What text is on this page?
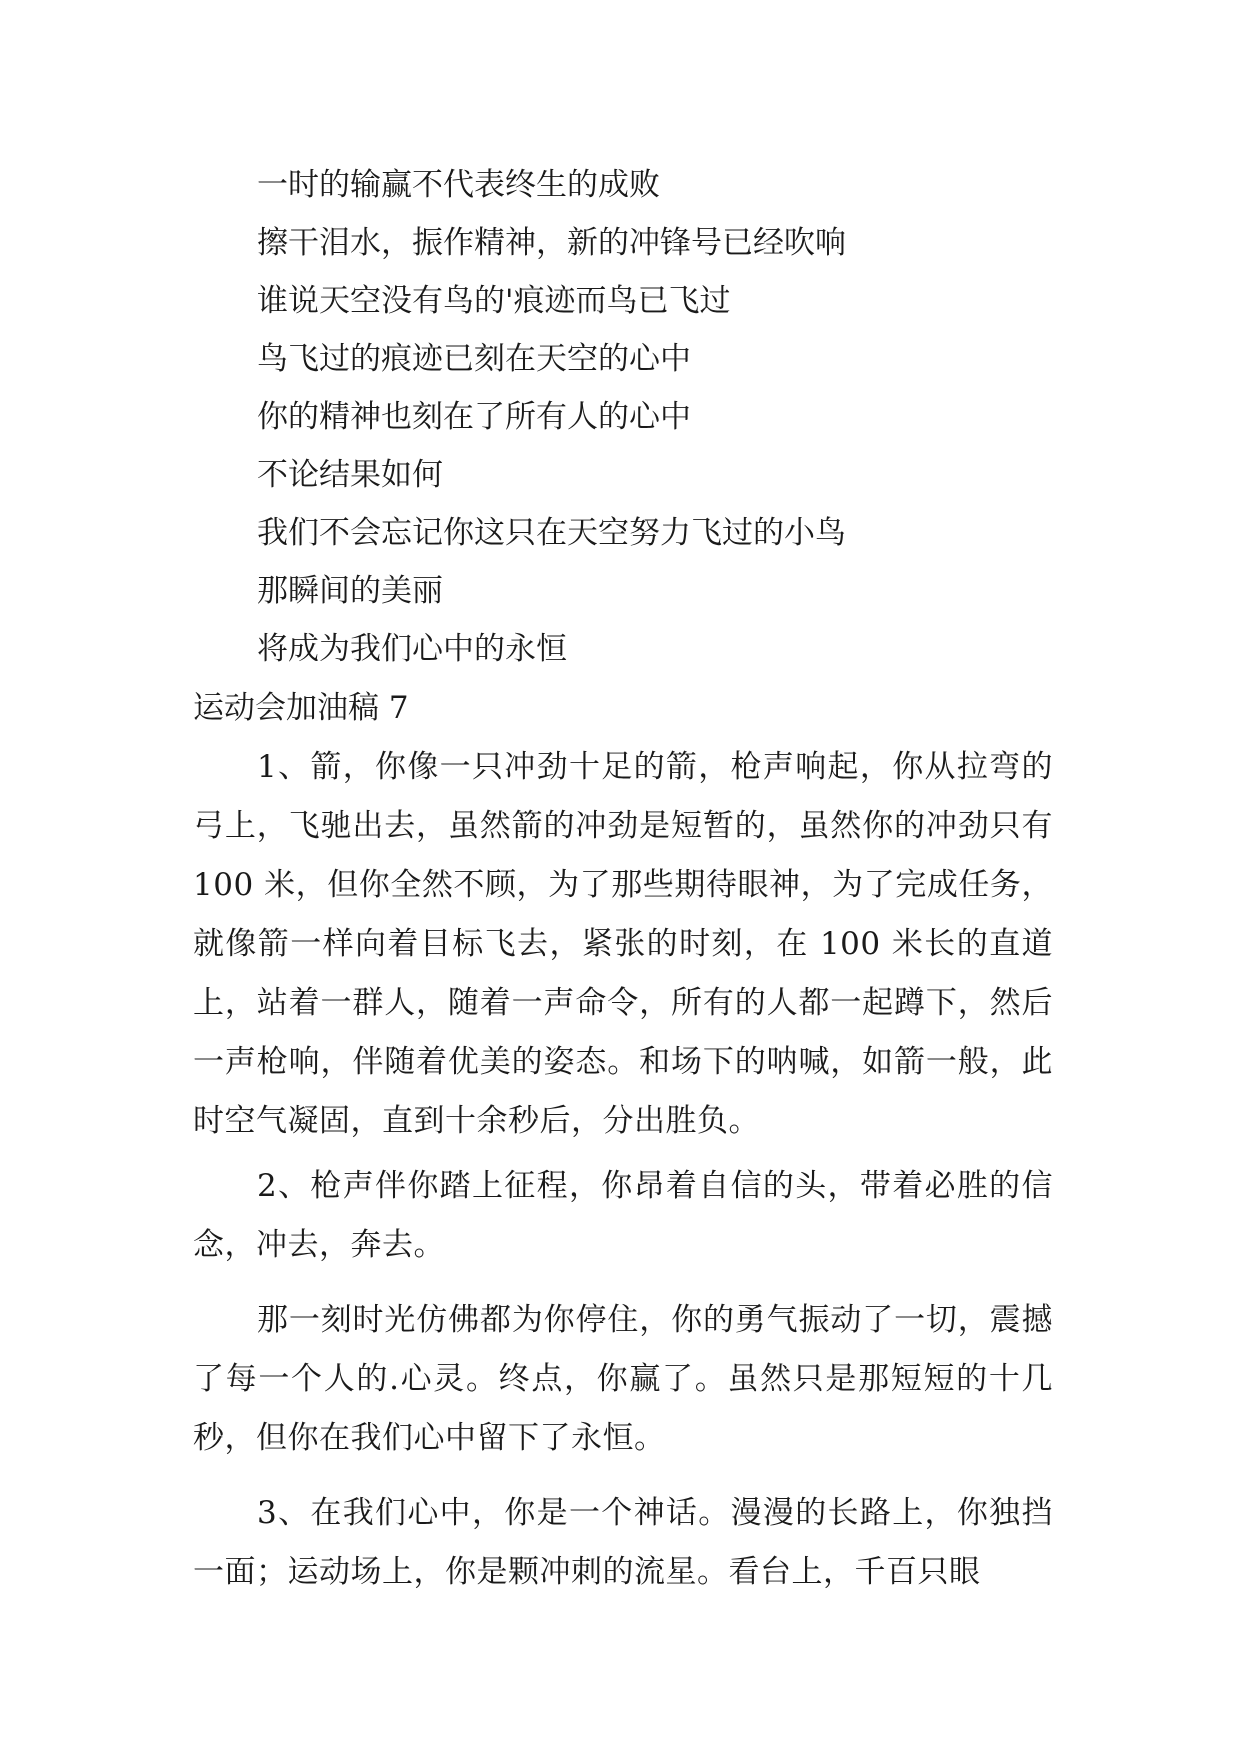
一时的输赢不代表终生的成败

擦干泪水，振作精神，新的冲锋号已经吹响

谁说天空没有鸟的'痕迹而鸟已飞过

鸟飞过的痕迹已刻在天空的心中

你的精神也刻在了所有人的心中

不论结果如何

我们不会忘记你这只在天空努力飞过的小鸟

那瞬间的美丽

将成为我们心中的永恒

运动会加油稿 7

1、箭，你像一只冲劲十足的箭，枪声响起，你从拉弯的弓上，飞驰出去，虽然箭的冲劲是短暂的，虽然你的冲劲只有 100 米，但你全然不顾，为了那些期待眼神，为了完成任务，就像箭一样向着目标飞去，紧张的时刻，在 100 米长的直道上，站着一群人，随着一声命令，所有的人都一起蹲下，然后一声枪响，伴随着优美的姿态。和场下的呐喊，如箭一般，此时空气凝固，直到十余秒后，分出胜负。

2、枪声伴你踏上征程，你昂着自信的头，带着必胜的信念，冲去，奔去。

那一刻时光仿佛都为你停住，你的勇气振动了一切，震撼了每一个人的.心灵。终点，你赢了。虽然只是那短短的十几秒，但你在我们心中留下了永恒。

3、在我们心中，你是一个神话。漫漫的长路上，你独挡一面；运动场上，你是颗冲刺的流星。看台上，千百只眼
